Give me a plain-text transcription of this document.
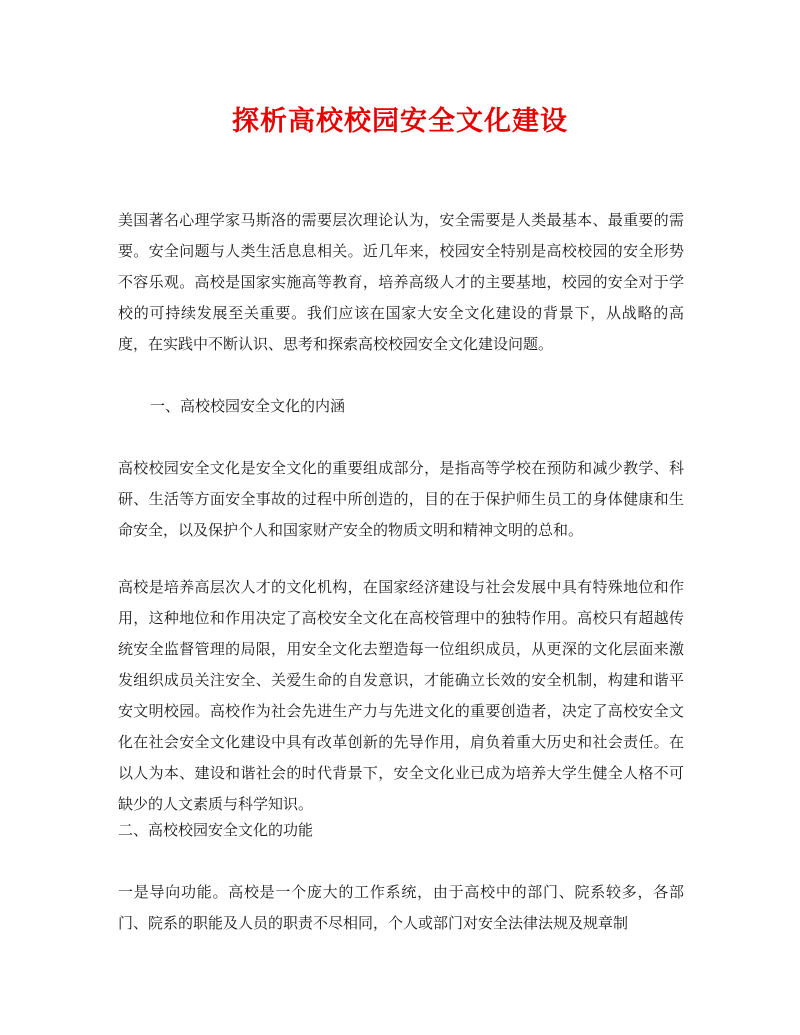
探析高校校园安全文化建设

美国著名心理学家马斯洛的需要层次理论认为，安全需要是人类最基本、最重要的需要。安全问题与人类生活息息相关。近几年来，校园安全特别是高校校园的安全形势不容乐观。高校是国家实施高等教育，培养高级人才的主要基地，校园的安全对于学校的可持续发展至关重要。我们应该在国家大安全文化建设的背景下，从战略的高度，在实践中不断认识、思考和探索高校校园安全文化建设问题。

一、高校校园安全文化的内涵

高校校园安全文化是安全文化的重要组成部分，是指高等学校在预防和减少教学、科研、生活等方面安全事故的过程中所创造的，目的在于保护师生员工的身体健康和生命安全，以及保护个人和国家财产安全的物质文明和精神文明的总和。

高校是培养高层次人才的文化机构，在国家经济建设与社会发展中具有特殊地位和作用，这种地位和作用决定了高校安全文化在高校管理中的独特作用。高校只有超越传统安全监督管理的局限，用安全文化去塑造每一位组织成员，从更深的文化层面来激发组织成员关注安全、关爱生命的自发意识，才能确立长效的安全机制，构建和谐平安文明校园。高校作为社会先进生产力与先进文化的重要创造者，决定了高校安全文化在社会安全文化建设中具有改革创新的先导作用，肩负着重大历史和社会责任。在以人为本、建设和谐社会的时代背景下，安全文化业已成为培养大学生健全人格不可缺少的人文素质与科学知识。

二、高校校园安全文化的功能

一是导向功能。高校是一个庞大的工作系统，由于高校中的部门、院系较多，各部门、院系的职能及人员的职责不尽相同，个人或部门对安全法律法规及规章制
